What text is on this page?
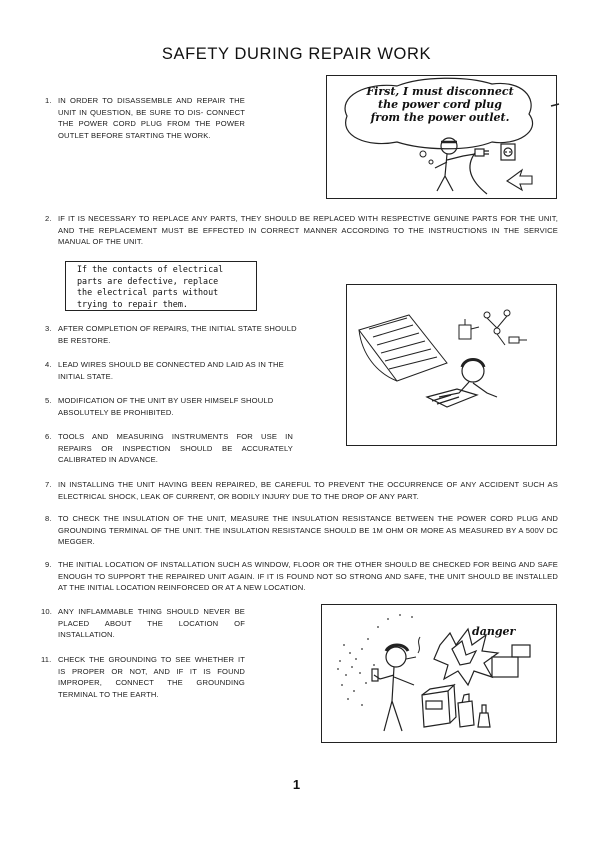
SAFETY DURING REPAIR WORK
1. IN ORDER TO DISASSEMBLE AND REPAIR THE UNIT IN QUESTION, BE SURE TO DIS- CONNECT THE POWER CORD PLUG FROM THE POWER OUTLET BEFORE STARTING THE WORK.
First, I must disconnect
the power cord plug
from the power outlet.
2. IF IT IS NECESSARY TO REPLACE ANY PARTS, THEY SHOULD BE REPLACED WITH RESPECTIVE GENUINE PARTS FOR THE UNIT, AND THE REPLACEMENT MUST BE EFFECTED IN CORRECT MANNER ACCORDING TO THE INSTRUCTIONS IN THE SERVICE MANUAL OF THE UNIT.
If the contacts of electrical
parts are defective, replace
the electrical parts without
trying to repair them.
3. AFTER COMPLETION OF REPAIRS, THE INITIAL STATE SHOULD BE RESTORE.
4. LEAD WIRES SHOULD BE CONNECTED AND LAID AS IN THE INITIAL STATE.
5. MODIFICATION OF THE UNIT BY USER HIMSELF SHOULD ABSOLUTELY BE PROHIBITED.
6. TOOLS AND MEASURING INSTRUMENTS FOR USE IN REPAIRS OR INSPECTION SHOULD BE ACCURATELY CALIBRATED IN ADVANCE.
7. IN INSTALLING THE UNIT HAVING BEEN REPAIRED, BE CAREFUL TO PREVENT THE OCCURRENCE OF ANY ACCIDENT SUCH AS ELECTRICAL SHOCK, LEAK OF CURRENT, OR BODILY INJURY DUE TO THE DROP OF ANY PART.
8. TO CHECK THE INSULATION OF THE UNIT, MEASURE THE INSULATION RESISTANCE BETWEEN THE POWER CORD PLUG AND GROUNDING TERMINAL OF THE UNIT. THE INSULATION RESISTANCE SHOULD BE 1M OHM OR MORE AS MEASURED BY A 500V DC MEGGER.
9. THE INITIAL LOCATION OF INSTALLATION SUCH AS WINDOW, FLOOR OR THE OTHER SHOULD BE CHECKED FOR BEING AND SAFE ENOUGH TO SUPPORT THE REPAIRED UNIT AGAIN. IF IT IS FOUND NOT SO STRONG AND SAFE, THE UNIT SHOULD BE INSTALLED AT THE INITIAL LOCATION REINFORCED OR AT A NEW LOCATION.
10. ANY INFLAMMABLE THING SHOULD NEVER BE PLACED ABOUT THE LOCATION OF INSTALLATION.
11. CHECK THE GROUNDING TO SEE WHETHER IT IS PROPER OR NOT, AND IF IT IS FOUND IMPROPER, CONNECT THE GROUNDING TERMINAL TO THE EARTH.
danger
1
